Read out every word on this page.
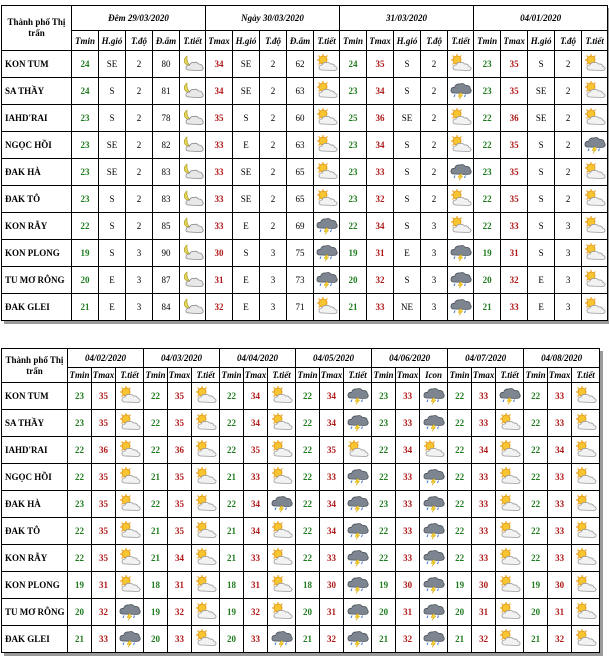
Thành phố Thị trấn	Đêm 29/03/2020					Ngày 30/03/2020					31/03/2020					04/01/2020				
	Tmin	H.gió	T.độ	Đ.ẩm	T.tiết	Tmax	H.gió	T.độ	Đ.ẩm	T.tiết	Tmin	Tmax	H.gió	T.độ	T.tiết	Tmin	Tmax	H.gió	T.độ	T.tiết
KON TUM	24	SE	2	80		34	SE	2	62		24	35	S	2		23	35	S	2	
SA THẦY	24	S	2	81		34	SE	2	63		23	34	S	2		23	35	SE	2	
IAHD'RAI	23	S	2	78		35	S	2	60		25	36	SE	2		22	36	SE	2	
NGỌC HỒI	23	SE	2	82		33	E	2	63		23	34	S	2		22	35	S	2	
ĐAK HÀ	23	SE	2	83		33	SE	2	65		23	33	S	2		23	35	S	2	
ĐAK TÔ	23	S	2	83		33	SE	2	65		23	32	S	2		22	35	S	2	
KON RẪY	22	S	2	85		33	E	2	69		22	34	S	3		22	33	S	3	
KON PLONG	19	S	3	90		30	S	3	75		19	31	E	3		19	31	S	3	
TU MƠ RÔNG	20	E	3	87		31	E	3	73		20	32	S	3		20	32	E	3	
ĐAK GLEI	21	E	3	84		32	E	3	71		21	33	NE	3		21	33	E	3	
Thành phố Thị trấn	04/02/2020			04/03/2020			04/04/2020			04/05/2020			04/06/2020			04/07/2020			04/08/2020		
	Tmin	Tmax	T.tiết	Tmin	Tmax	T.tiết	Tmin	Tmax	T.tiết	Tmin	Tmax	T.tiết	Tmin	Tmax	Icon	Tmin	Tmax	T.tiết	Tmin	Tmax	T.tiết
KON TUM	23	35		22	35		22	34		22	34		23	33		22	33		22	33	
SA THẦY	23	35		22	35		22	34		22	34		23	33		22	33		22	33	
IAHD'RAI	22	36		22	36		22	35		22	35		22	34		22	34		22	34	
NGỌC HỒI	22	35		21	35		21	33		22	33		22	33		22	33		22	33	
ĐAK HÀ	23	35		22	35		22	34		22	34		23	33		22	33		22	33	
ĐAK TÔ	22	35		21	35		21	34		22	34		22	33		22	33		22	33	
KON RẪY	22	35		21	34		21	33		22	33		22	33		22	33		22	33	
KON PLONG	19	31		18	31		18	31		18	30		19	30		19	30		19	30	
TU MƠ RÔNG	20	32		19	32		19	32		20	31		20	31		20	31		20	31	
ĐAK GLEI	21	33		20	33		20	33		21	32		21	32		21	32		21	32	
